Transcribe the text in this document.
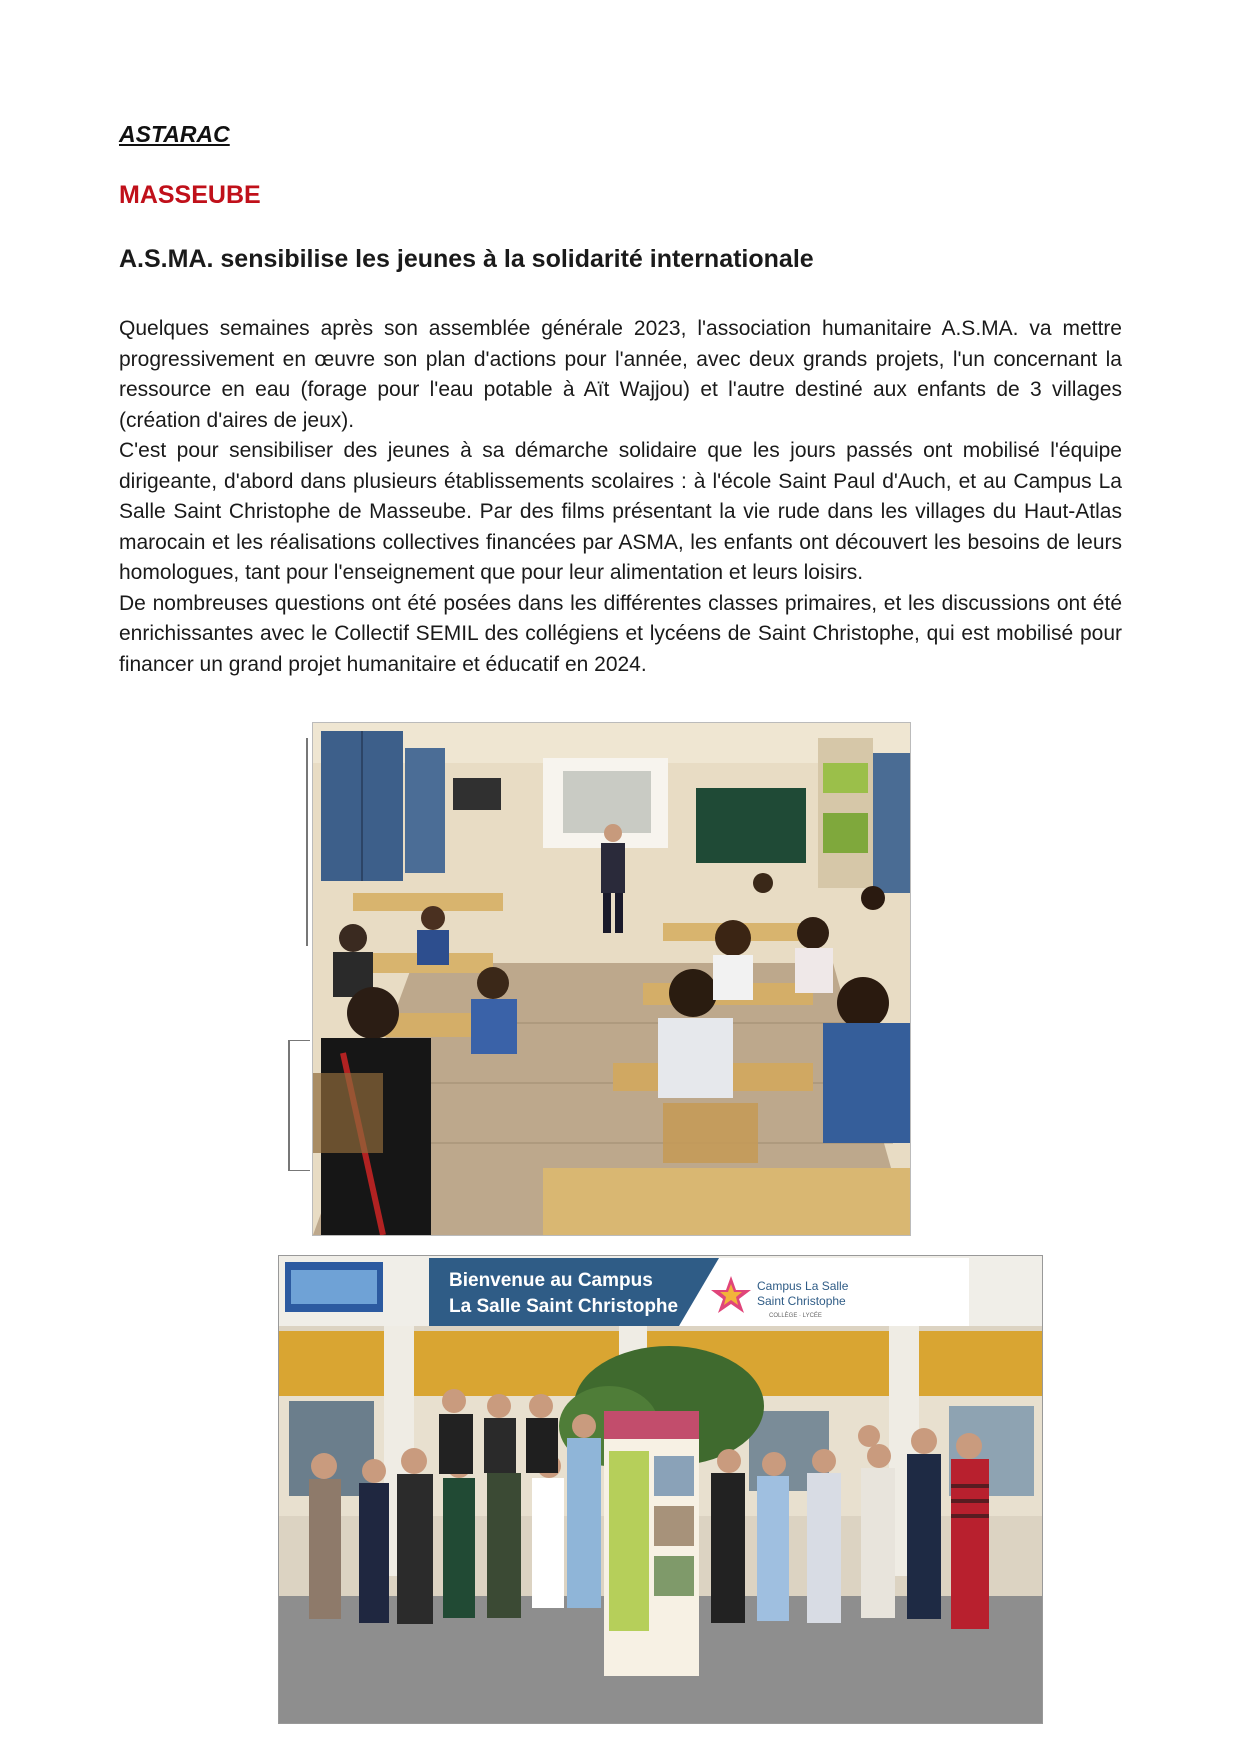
ASTARAC
MASSEUBE
A.S.MA. sensibilise les jeunes à la solidarité internationale

Quelques semaines après son assemblée générale 2023, l'association humanitaire A.S.MA. va mettre progressivement en œuvre son plan d'actions pour l'année, avec deux grands projets, l'un concernant la ressource en eau (forage pour l'eau potable à Aït Wajjou) et l'autre destiné aux enfants de 3 villages (création d'aires de jeux).

C'est pour sensibiliser des jeunes à sa démarche solidaire que les jours passés ont mobilisé l'équipe dirigeante, d'abord dans plusieurs établissements scolaires : à l'école Saint Paul d'Auch, et au Campus La Salle Saint Christophe de Masseube. Par des films présentant la vie rude dans les villages du Haut-Atlas marocain et les réalisations collectives financées par ASMA, les enfants ont découvert les besoins de leurs homologues, tant pour l'enseignement que pour leur alimentation et leurs loisirs.

De nombreuses questions ont été posées dans les différentes classes primaires, et les discussions ont été enrichissantes avec le Collectif SEMIL des collégiens et lycéens de Saint Christophe, qui est mobilisé pour financer un grand projet humanitaire et éducatif en 2024.

Bienvenue au Campus
La Salle Saint Christophe
Campus La Salle
Saint Christophe
COLLÈGE · LYCÉE
